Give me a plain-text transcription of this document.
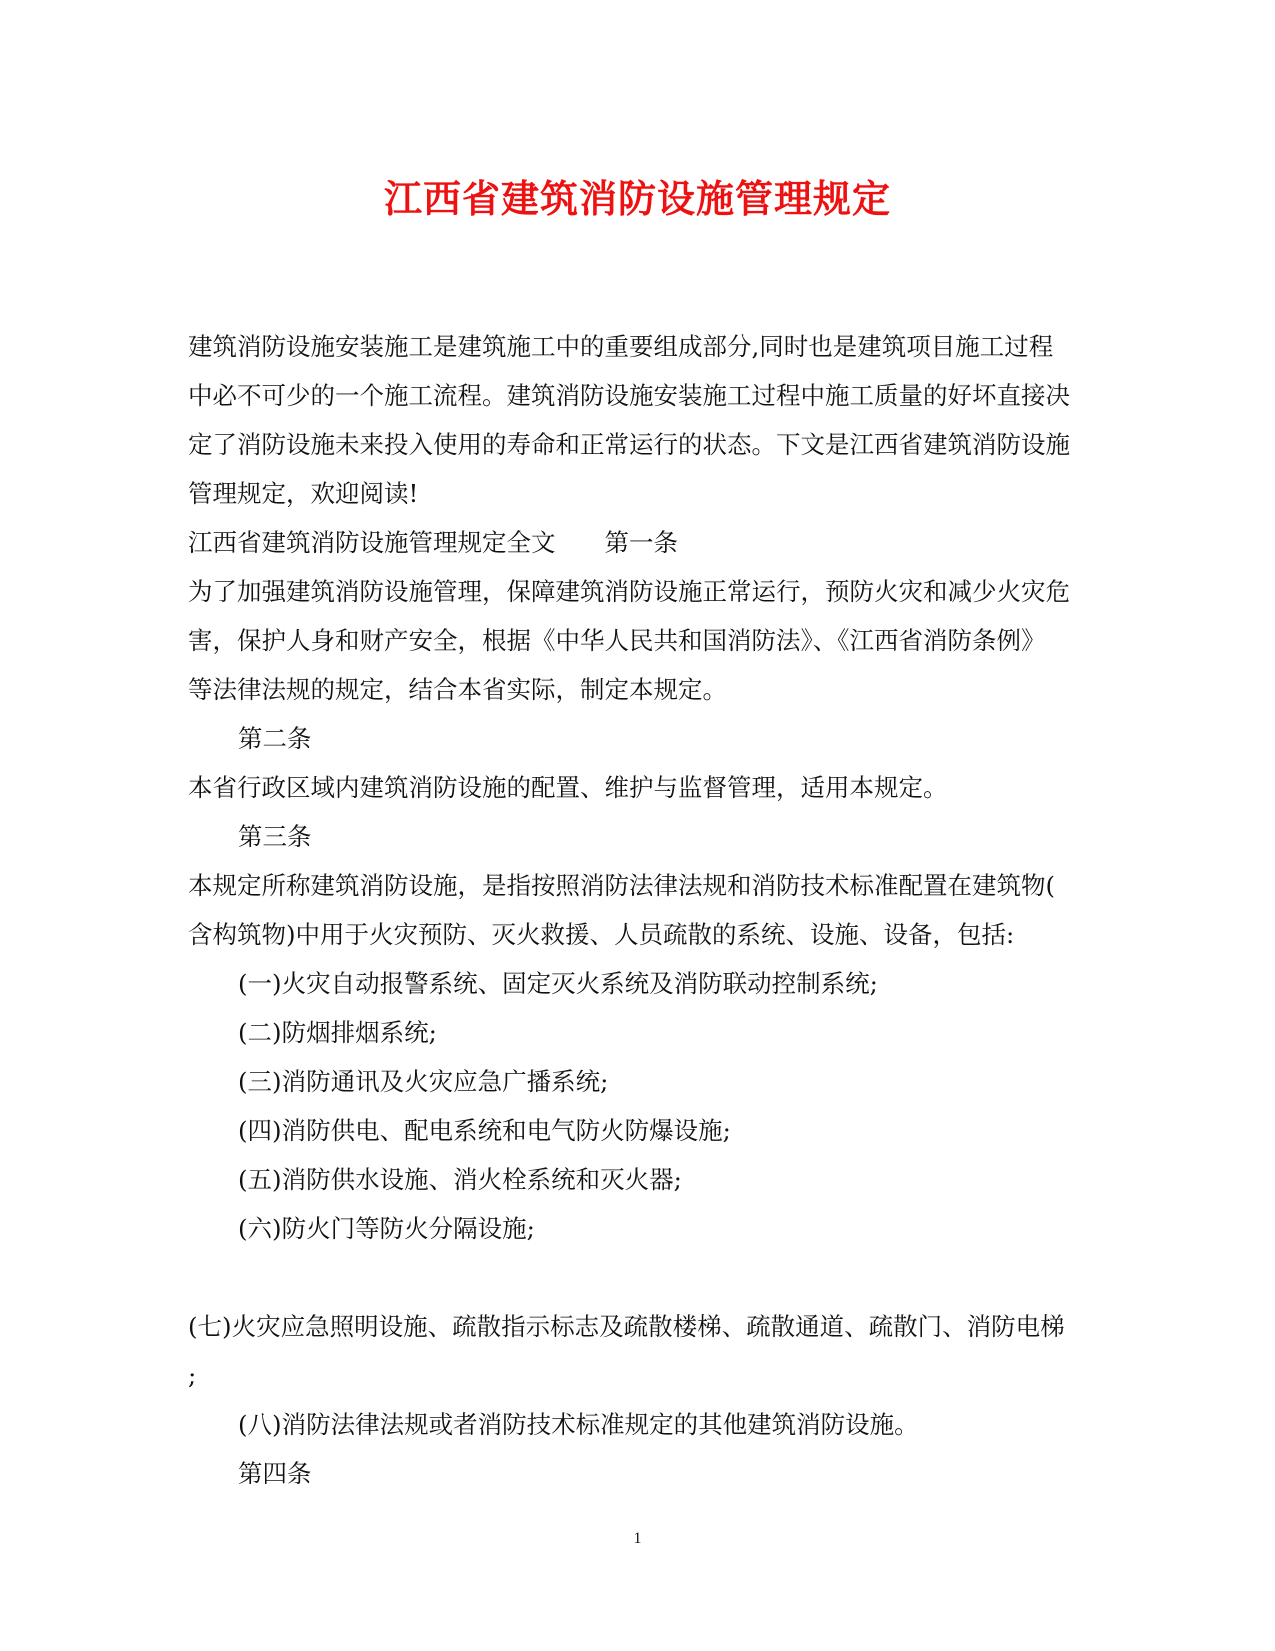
江西省建筑消防设施管理规定
建筑消防设施安装施工是建筑施工中的重要组成部分,同时也是建筑项目施工过程
中必不可少的一个施工流程。建筑消防设施安装施工过程中施工质量的好坏直接决
定了消防设施未来投入使用的寿命和正常运行的状态。下文是江西省建筑消防设施
管理规定，欢迎阅读!
江西省建筑消防设施管理规定全文　　第一条
为了加强建筑消防设施管理，保障建筑消防设施正常运行，预防火灾和减少火灾危
害，保护人身和财产安全，根据《中华人民共和国消防法》、《江西省消防条例》
等法律法规的规定，结合本省实际，制定本规定。
第二条
本省行政区域内建筑消防设施的配置、维护与监督管理，适用本规定。
第三条
本规定所称建筑消防设施，是指按照消防法律法规和消防技术标准配置在建筑物(
含构筑物)中用于火灾预防、灭火救援、人员疏散的系统、设施、设备，包括:
(一)火灾自动报警系统、固定灭火系统及消防联动控制系统;
(二)防烟排烟系统;
(三)消防通讯及火灾应急广播系统;
(四)消防供电、配电系统和电气防火防爆设施;
(五)消防供水设施、消火栓系统和灭火器;
(六)防火门等防火分隔设施;
(七)火灾应急照明设施、疏散指示标志及疏散楼梯、疏散通道、疏散门、消防电梯
;
(八)消防法律法规或者消防技术标准规定的其他建筑消防设施。
第四条
1
